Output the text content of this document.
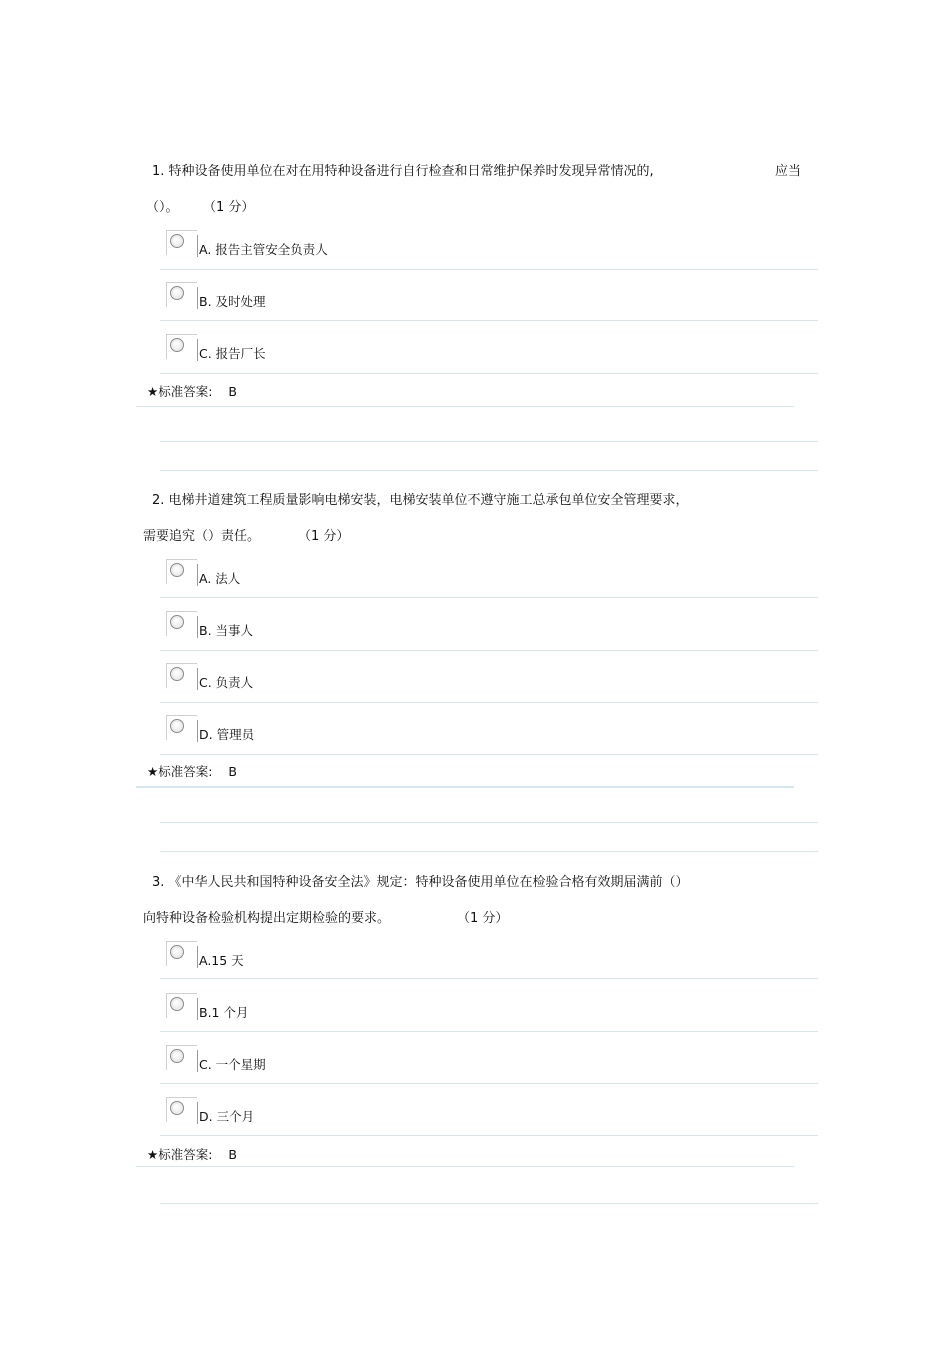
1. 特种设备使用单位在对在用特种设备进行自行检查和日常维护保养时发现异常情况的,	应当
（）。 （1 分）
A. 报告主管安全负责人
B. 及时处理
C. 报告厂长
★标准答案: B
2. 电梯井道建筑工程质量影响电梯安装，电梯安装单位不遵守施工总承包单位安全管理要求，
需要追究（）责任。	（1 分）
A. 法人
B. 当事人
C. 负责人
D. 管理员
★标准答案: B
3. 《中华人民共和国特种设备安全法》规定：特种设备使用单位在检验合格有效期届满前（）
向特种设备检验机构提出定期检验的要求。	（1 分）
A.15 天
B.1 个月
C. 一个星期
D. 三个月
★标准答案: B
